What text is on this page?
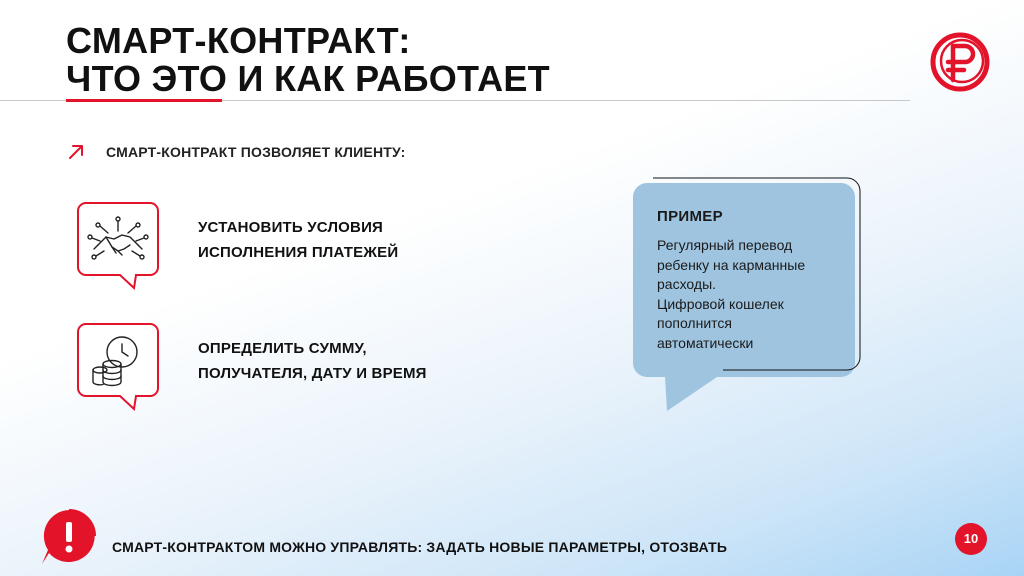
СМАРТ-КОНТРАКТ:
ЧТО ЭТО И КАК РАБОТАЕТ
СМАРТ-КОНТРАКТ ПОЗВОЛЯЕТ КЛИЕНТУ:
УСТАНОВИТЬ УСЛОВИЯ
ИСПОЛНЕНИЯ ПЛАТЕЖЕЙ
ОПРЕДЕЛИТЬ СУММУ,
ПОЛУЧАТЕЛЯ, ДАТУ И ВРЕМЯ
ПРИМЕР
Регулярный перевод
ребенку на карманные
расходы.
Цифровой кошелек
пополнится
автоматически
СМАРТ-КОНТРАКТОМ МОЖНО УПРАВЛЯТЬ: ЗАДАТЬ НОВЫЕ ПАРАМЕТРЫ, ОТОЗВАТЬ
10
